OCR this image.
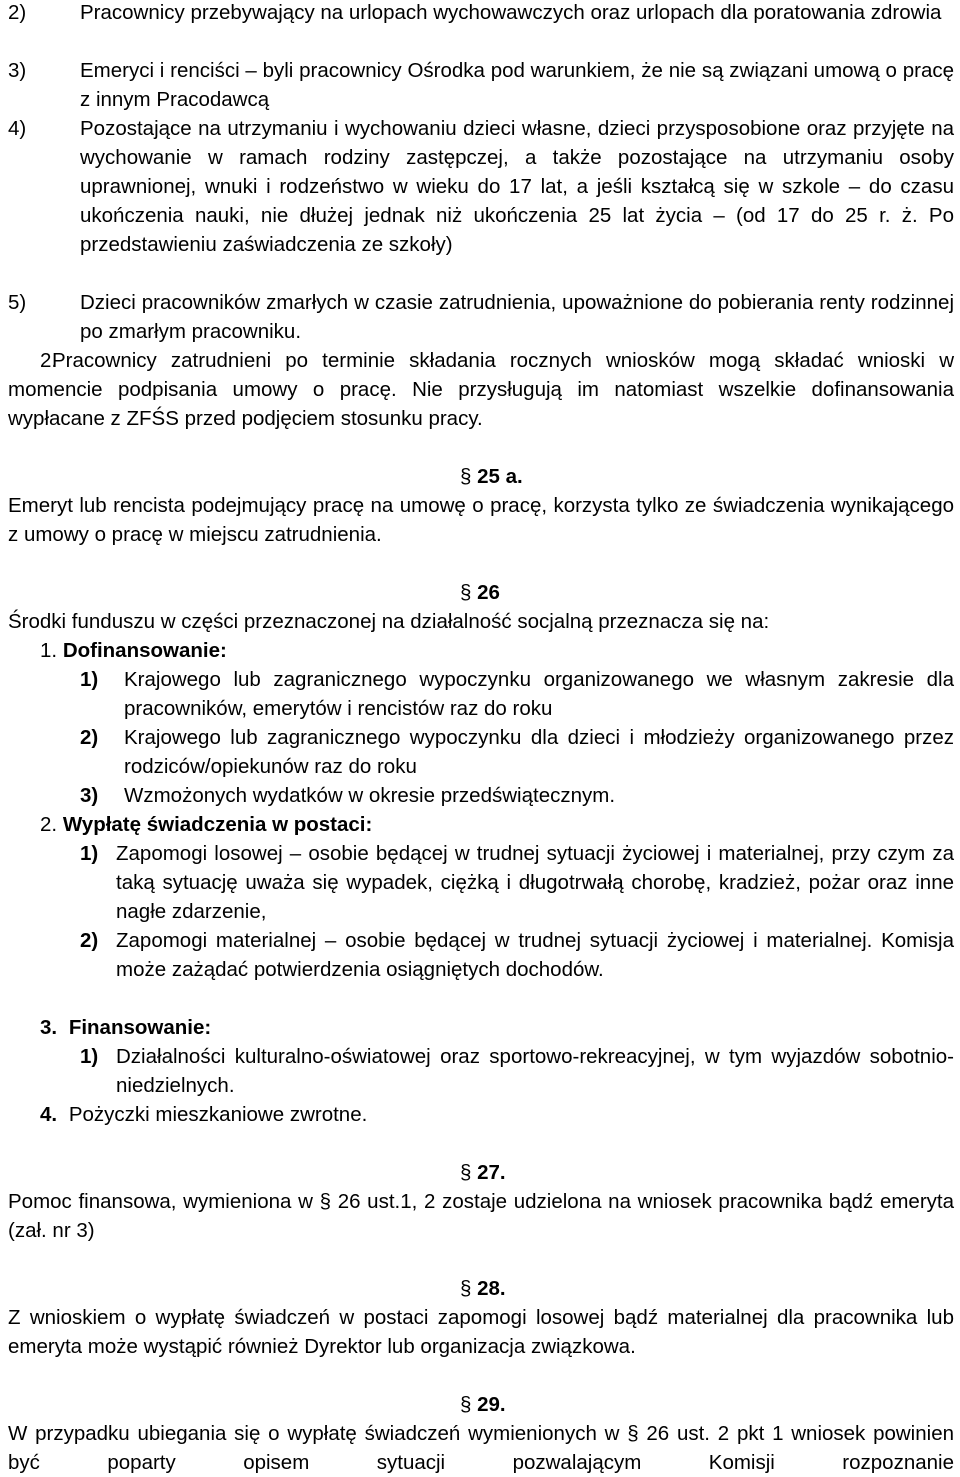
2)	Pracownicy przebywający na urlopach wychowawczych oraz urlopach dla poratowania zdrowia
3)	Emeryci i renciści – byli pracownicy Ośrodka pod warunkiem, że nie są związani umową o pracę z innym Pracodawcą
4)	Pozostające na utrzymaniu i wychowaniu dzieci własne, dzieci przysposobione oraz przyjęte na wychowanie w ramach rodziny zastępczej, a także pozostające na utrzymaniu osoby uprawnionej, wnuki i rodzeństwo w wieku do 17 lat, a jeśli kształcą się w szkole – do czasu ukończenia nauki, nie dłużej jednak niż ukończenia 25 lat życia – (od 17 do 25 r. ż. Po przedstawieniu zaświadczenia ze szkoły)
5)	Dzieci pracowników zmarłych w czasie zatrudnienia, upoważnione do pobierania renty rodzinnej po zmarłym pracowniku.
2.
Pracownicy zatrudnieni po terminie składania rocznych wniosków mogą składać wnioski w momencie podpisania umowy o pracę. Nie przysługują im natomiast wszelkie dofinansowania wypłacane z ZFŚS przed podjęciem stosunku pracy.
§ 25 a.
Emeryt lub rencista podejmujący pracę na umowę o pracę, korzysta tylko ze świadczenia wynikającego z umowy o pracę w miejscu zatrudnienia.
§ 26
Środki funduszu w części przeznaczonej na działalność socjalną przeznacza się na:
1. Dofinansowanie:
1) Krajowego lub zagranicznego wypoczynku organizowanego we własnym zakresie dla pracowników, emerytów i rencistów raz do roku
2) Krajowego lub zagranicznego wypoczynku dla dzieci i młodzieży organizowanego przez rodziców/opiekunów raz do roku
3) Wzmożonych wydatków w okresie przedświątecznym.
2. Wypłatę świadczenia w postaci:
1) Zapomogi losowej – osobie będącej w trudnej sytuacji życiowej i materialnej, przy czym za taką sytuację uważa się wypadek, ciężką i długotrwałą chorobę, kradzież, pożar oraz inne nagłe zdarzenie,
2) Zapomogi materialnej – osobie będącej w trudnej sytuacji życiowej i materialnej. Komisja może zażądać potwierdzenia osiągniętych dochodów.
3. Finansowanie:
1) Działalności kulturalno-oświatowej oraz sportowo-rekreacyjnej, w tym wyjazdów sobotnio-niedzielnych.
4. Pożyczki mieszkaniowe zwrotne.
§ 27.
Pomoc finansowa, wymieniona w § 26 ust.1, 2 zostaje udzielona na wniosek pracownika bądź emeryta (zał. nr 3)
§ 28.
Z wnioskiem o wypłatę świadczeń w postaci zapomogi losowej bądź materialnej dla pracownika lub emeryta może wystąpić również Dyrektor lub organizacja związkowa.
§ 29.
W przypadku ubiegania się o wypłatę świadczeń wymienionych w § 26 ust. 2 pkt 1 wniosek powinien być poparty opisem sytuacji pozwalającym Komisji rozpoznanie
